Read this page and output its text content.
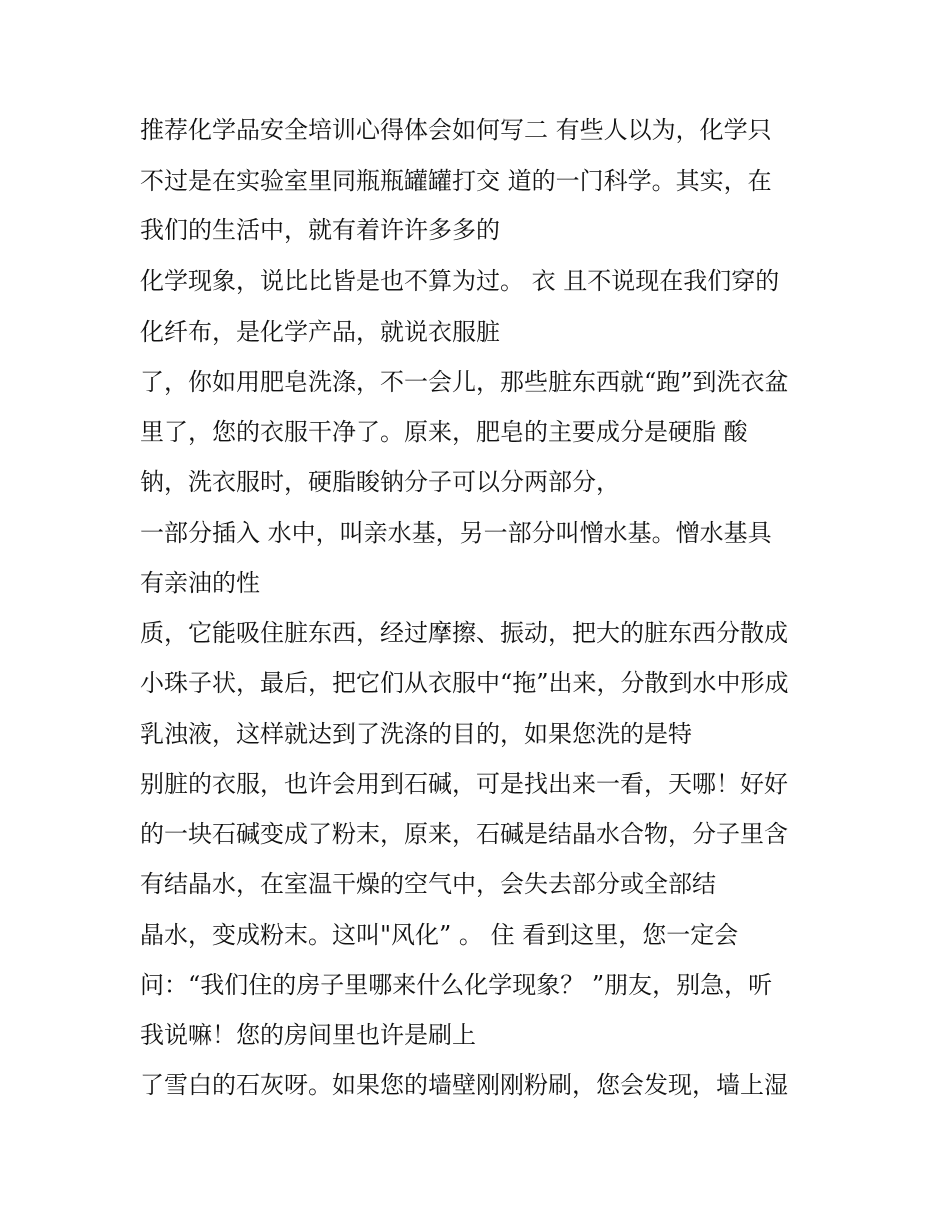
推荐化学品安全培训心得体会如何写二 有些人以为，化学只

不过是在实验室里同瓶瓶罐罐打交 道的一门科学。其实，在

我们的生活中，就有着许许多多的

化学现象，说比比皆是也不算为过。 衣 且不说现在我们穿的

化纤布，是化学产品，就说衣服脏

了，你如用肥皂洗涤，不一会儿，那些脏东西就“跑”到洗衣盆

里了，您的衣服干净了。原来，肥皂的主要成分是硬脂 酸

钠，洗衣服时，硬脂睃钠分子可以分两部分，

一部分插入 水中，叫亲水基，另一部分叫憎水基。憎水基具

有亲油的性

质，它能吸住脏东西，经过摩擦、振动，把大的脏东西分散成

小珠子状，最后，把它们从衣服中“拖”出来，分散到水中形成

乳浊液，这样就达到了洗涤的目的，如果您洗的是特

别脏的衣服，也许会用到石碱，可是找出来一看，天哪！好好

的一块石碱变成了粉末，原来，石碱是结晶水合物，分子里含

有结晶水，在室温干燥的空气中，会失去部分或全部结

晶水，变成粉末。这叫"风化” 。 住 看到这里，您一定会

问：“我们住的房子里哪来什么化学现象？ ”朋友，别急，听

我说嘛！您的房间里也许是刷上

了雪白的石灰呀。如果您的墙壁刚刚粉刷，您会发现，墙上湿
